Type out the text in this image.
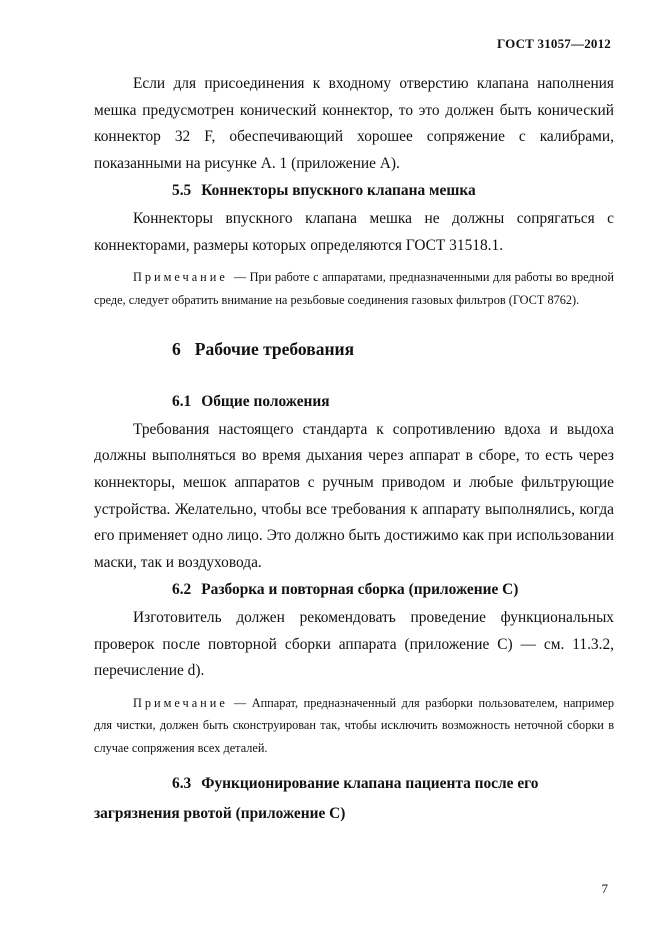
ГОСТ 31057—2012

Если для присоединения к входному отверстию клапана наполнения мешка предусмотрен конический коннектор, то это должен быть конический коннектор 32 F, обеспечивающий хорошее сопряжение с калибрами, показанными на рисунке А. 1 (приложение А).

5.5 Коннекторы впускного клапана мешка

Коннекторы впускного клапана мешка не должны сопрягаться с коннекторами, размеры которых определяются ГОСТ 31518.1.

Примечание — При работе с аппаратами, предназначенными для работы во вредной среде, следует обратить внимание на резьбовые соединения газовых фильтров (ГОСТ 8762).

6 Рабочие требования

6.1 Общие положения

Требования настоящего стандарта к сопротивлению вдоха и выдоха должны выполняться во время дыхания через аппарат в сборе, то есть через коннекторы, мешок аппаратов с ручным приводом и любые фильтрующие устройства. Желательно, чтобы все требования к аппарату выполнялись, когда его применяет одно лицо. Это должно быть достижимо как при использовании маски, так и воздуховода.

6.2 Разборка и повторная сборка (приложение С)

Изготовитель должен рекомендовать проведение функциональных проверок после повторной сборки аппарата (приложение С) — см. 11.3.2, перечисление d).

Примечание — Аппарат, предназначенный для разборки пользователем, например для чистки, должен быть сконструирован так, чтобы исключить возможность неточной сборки в случае сопряжения всех деталей.

6.3 Функционирование клапана пациента после его загрязнения рвотой (приложение С)

7
